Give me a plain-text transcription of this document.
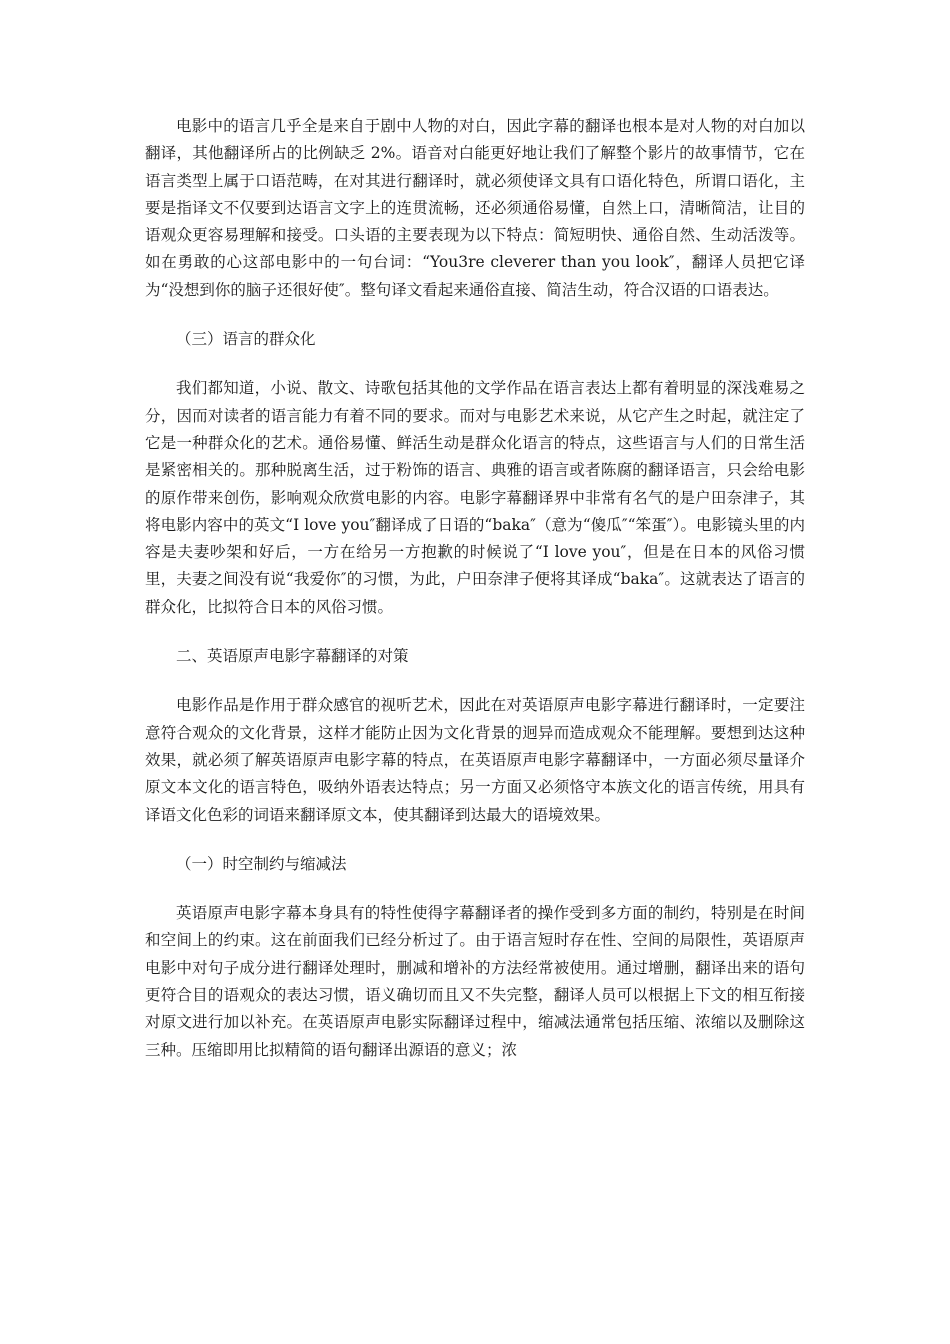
电影中的语言几乎全是来自于剧中人物的对白，因此字幕的翻译也根本是对人物的对白加以翻译，其他翻译所占的比例缺乏 2%。语音对白能更好地让我们了解整个影片的故事情节，它在语言类型上属于口语范畴，在对其进行翻译时，就必须使译文具有口语化特色，所谓口语化，主要是指译文不仅要到达语言文字上的连贯流畅，还必须通俗易懂，自然上口，清晰简洁，让目的语观众更容易理解和接受。口头语的主要表现为以下特点：简短明快、通俗自然、生动活泼等。如在勇敢的心这部电影中的一句台词：“You3re cleverer than you look″，翻译人员把它译为“没想到你的脑子还很好使″。整句译文看起来通俗直接、简洁生动，符合汉语的口语表达。

（三）语言的群众化

我们都知道，小说、散文、诗歌包括其他的文学作品在语言表达上都有着明显的深浅难易之分，因而对读者的语言能力有着不同的要求。而对与电影艺术来说，从它产生之时起，就注定了它是一种群众化的艺术。通俗易懂、鲜活生动是群众化语言的特点，这些语言与人们的日常生活是紧密相关的。那种脱离生活，过于粉饰的语言、典雅的语言或者陈腐的翻译语言，只会给电影的原作带来创伤，影响观众欣赏电影的内容。电影字幕翻译界中非常有名气的是户田奈津子，其将电影内容中的英文“I love you″翻译成了日语的“baka″（意为“傻瓜″“笨蛋″）。电影镜头里的内容是夫妻吵架和好后，一方在给另一方抱歉的时候说了“I love you″，但是在日本的风俗习惯里，夫妻之间没有说“我爱你″的习惯，为此，户田奈津子便将其译成“baka″。这就表达了语言的群众化，比拟符合日本的风俗习惯。

二、英语原声电影字幕翻译的对策

电影作品是作用于群众感官的视听艺术，因此在对英语原声电影字幕进行翻译时，一定要注意符合观众的文化背景，这样才能防止因为文化背景的迥异而造成观众不能理解。要想到达这种效果，就必须了解英语原声电影字幕的特点，在英语原声电影字幕翻译中，一方面必须尽量译介原文本文化的语言特色，吸纳外语表达特点；另一方面又必须恪守本族文化的语言传统，用具有译语文化色彩的词语来翻译原文本，使其翻译到达最大的语境效果。

（一）时空制约与缩减法

英语原声电影字幕本身具有的特性使得字幕翻译者的操作受到多方面的制约，特别是在时间和空间上的约束。这在前面我们已经分析过了。由于语言短时存在性、空间的局限性，英语原声电影中对句子成分进行翻译处理时，删减和增补的方法经常被使用。通过增删，翻译出来的语句更符合目的语观众的表达习惯，语义确切而且又不失完整，翻译人员可以根据上下文的相互衔接对原文进行加以补充。在英语原声电影实际翻译过程中，缩减法通常包括压缩、浓缩以及删除这三种。压缩即用比拟精简的语句翻译出源语的意义；浓
